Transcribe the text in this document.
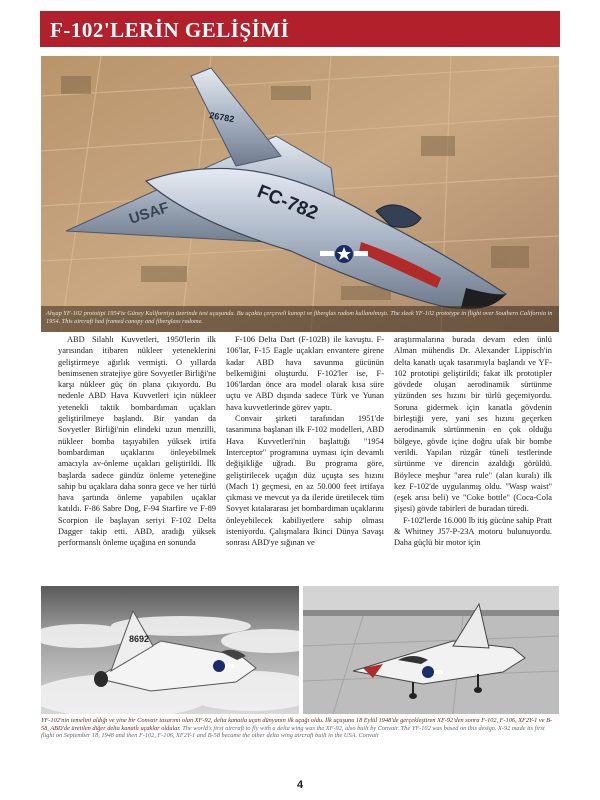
F-102'LERİN GELİŞİMİ
FC-782
26782
USAF
Ahşap YF-102 prototipi 1954'te Güney Kaliforniya üzerinde test uçuşunda. Bu uçakta çerçeveli kanopi ve fiberglas radom kullanılmıştı. The sleek YF-102 prototype in flight over Southern California in 1954. This aircraft had framed canopy and fiberglass radome.

ABD Silahlı Kuvvetleri, 1950'lerin ilk yarısından itibaren nükleer yeteneklerini geliştirmeye ağırlık vermişti. O yıllarda benimsenen stratejiye göre Sovyetler Birliği'ne karşı nükleer güç ön plana çıkıyordu. Bu nedenle ABD Hava Kuvvetleri için nükleer yetenekli taktik bombardıman uçakları geliştirilmeye başlandı. Bir yandan da Sovyetler Birliği'nin elindeki uzun menzilli, nükleer bomba taşıyabilen yüksek irtifa bombardıman uçaklarını önleyebilmek amacıyla av-önleme uçakları geliştirildi. İlk başlarda sadece gündüz önleme yeteneğine sahip bu uçaklara daha sonra gece ve her türlü hava şartında önleme yapabilen uçaklar katıldı. F-86 Sabre Dog, F-94 Starfire ve F-89 Scorpion ile başlayan seriyi F-102 Delta Dagger takip etti. ABD, aradığı yüksek performanslı önleme uçağına en sonunda

F-106 Delta Dart (F-102B) ile kavuştu. F-106'lar, F-15 Eagle uçakları envantere girene kadar ABD hava savunma gücünün belkemiğini oluşturdu. F-102'ler ise, F-106'lardan önce ara model olarak kısa süre uçtu ve ABD dışında sadece Türk ve Yunan hava kuvvetlerinde görev yaptı.

Convair şirketi tarafından 1951'de tasarımına başlanan ilk F-102 modelleri, ABD Hava Kuvvetleri'nin başlattığı "1954 Interceptor" programına uyması için devamlı değişikliğe uğradı. Bu programa göre, geliştirilecek uçağın düz uçuşta ses hızını (Mach 1) geçmesi, en az 50.000 feet irtifaya çıkması ve mevcut ya da ileride üretilecek tüm Sovyet kıtalararası jet bombardıman uçaklarını önleyebilecek kabiliyetlere sahip olması isteniyordu. Çalışmalara İkinci Dünya Savaşı sonrası ABD'ye sığınan ve

araştırmalarına burada devam eden ünlü Alman mühendis Dr. Alexander Lippisch'in delta kanatlı uçak tasarımıyla başlandı ve YF-102 prototipi geliştirildi; fakat ilk prototipler gövdede oluşan aerodinamik sürtünme yüzünden ses hızını bir türlü geçemiyordu. Soruna gidermek için kanatla gövdenin birleştiği yere, yani ses hızını geçerken aerodinamik sürtünmenin en çok olduğu bölgeye, gövde içine doğru ufak bir bombe verildi. Yapılan rüzgâr tüneli testlerinde sürtünme ve direncin azaldığı görüldü. Böylece meşhur "area rule" (alan kuralı) ilk kez F-102'de uygulanmış oldu. "Wasp waist" (eşek arısı beli) ve "Coke bottle" (Coca-Cola şişesi) gövde tabirleri de buradan türedi.

F-102'lerde 16.000 lb itiş gücüne sahip Pratt & Whitney J57-P-23A motoru bulunuyordu. Daha güçlü bir motor için

8692
YF-102'nin temelini aldığı ve yine bir Convair tasarımı olan XF-92, delta kanatla uçan dünyanın ilk uçağı oldu. İlk uçuşunu 18 Eylül 1948'de gerçekleştiren XF-92'den sonra F-102, F-106, XF2Y-1 ve B-58, ABD'de üretilen diğer delta kanatlı uçaklar oldular. The world's first aircraft to fly with a delta wing was the XF-92, also built by Convair. The YF-102 was based on this design. X-92 made its first flight on September 18, 1948 and then F-102, F-106, XF2Y-1 and B-58 became the other delta wing aircraft built in the USA. Convair
4
